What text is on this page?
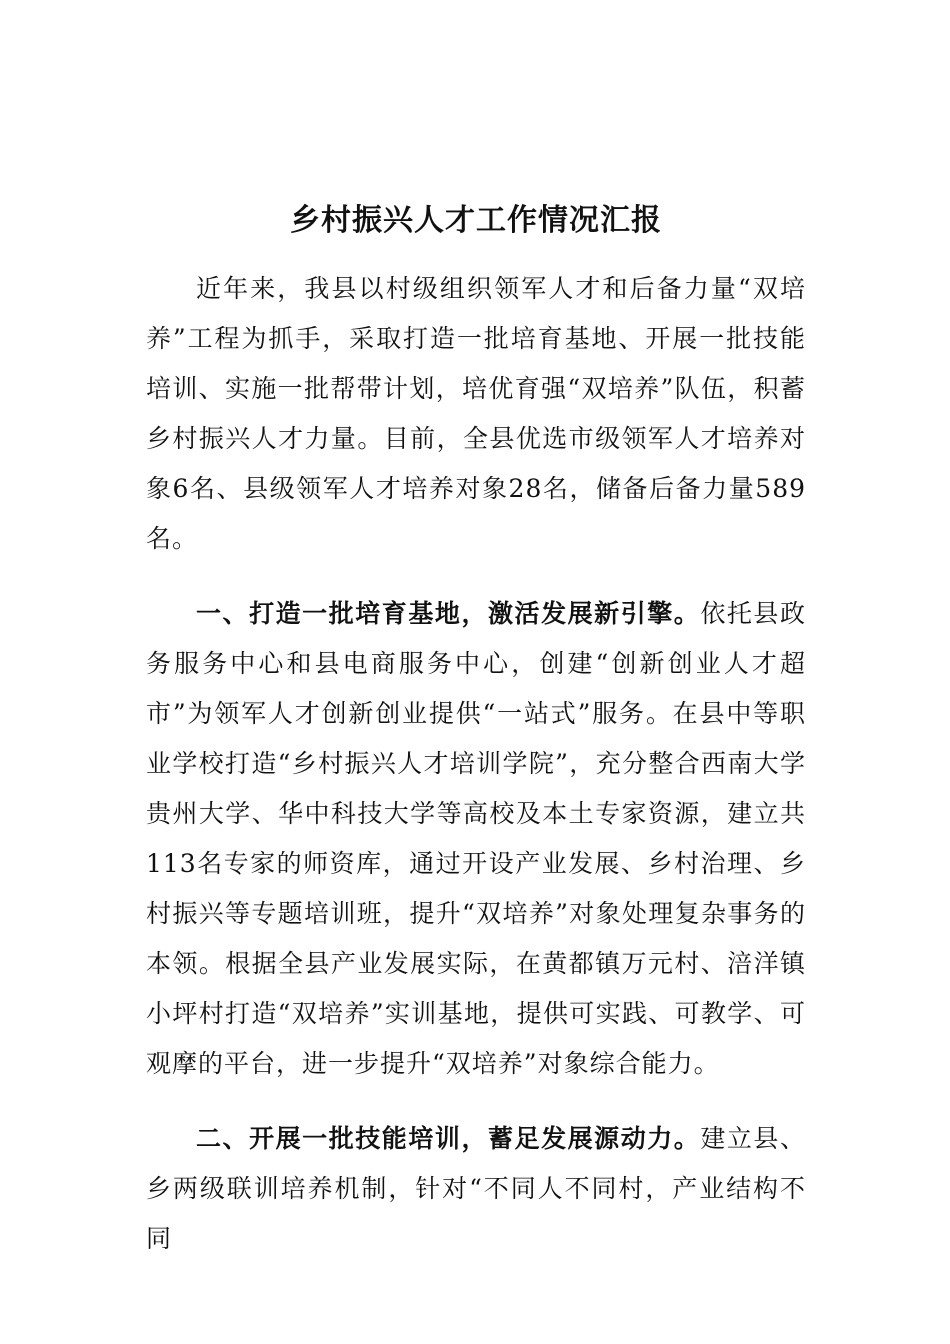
乡村振兴人才工作情况汇报

近年来，我县以村级组织领军人才和后备力量“双培养”工程为抓手，采取打造一批培育基地、开展一批技能培训、实施一批帮带计划，培优育强“双培养”队伍，积蓄乡村振兴人才力量。目前，全县优选市级领军人才培养对象6名、县级领军人才培养对象28名，储备后备力量589名。

一、打造一批培育基地，激活发展新引擎。依托县政务服务中心和县电商服务中心，创建“创新创业人才超市”为领军人才创新创业提供“一站式”服务。在县中等职业学校打造“乡村振兴人才培训学院”，充分整合西南大学贵州大学、华中科技大学等高校及本土专家资源，建立共113名专家的师资库，通过开设产业发展、乡村治理、乡村振兴等专题培训班，提升“双培养”对象处理复杂事务的本领。根据全县产业发展实际，在黄都镇万元村、涪洋镇小坪村打造“双培养”实训基地，提供可实践、可教学、可观摩的平台，进一步提升“双培养”对象综合能力。

二、开展一批技能培训，蓄足发展源动力。建立县、乡两级联训培养机制，针对“不同人不同村，产业结构不同
